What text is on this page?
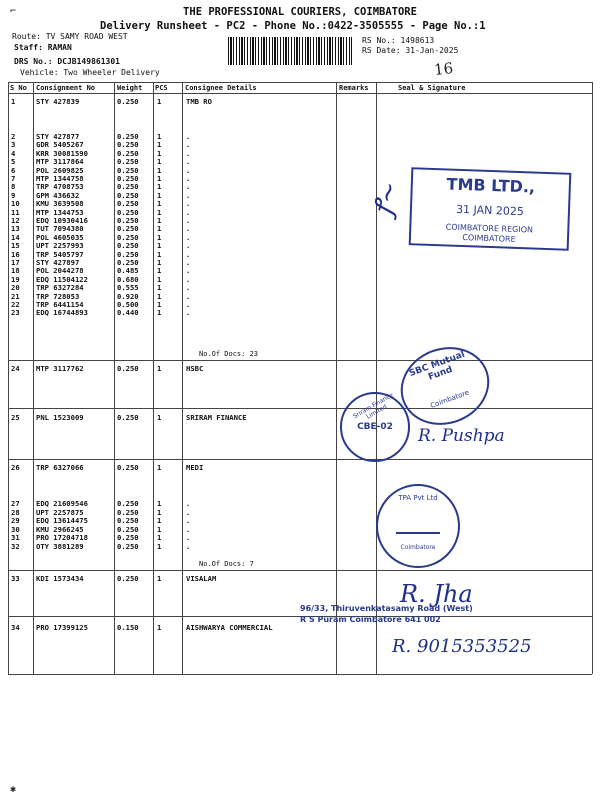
THE PROFESSIONAL COURIERS, COIMBATORE
Delivery Runsheet - PC2 - Phone No.:0422-3505555 - Page No.:1
Route: TV SAMY ROAD WEST
Staff: RAMAN
DRS No.: DCJB149861301
Vehicle: Two Wheeler Delivery
RS No.: 1498613
RS Date: 31-Jan-2025
16
S No Consignment No	Weight PCS Consignee Details	Remarks	Seal & Signature
1	STY 427839	0.250	1	TMB RO
2	STY 427877	0.250	1	.
3	GDR 5405267	0.250	1	.
4	KRR 30081590	0.250	1	.
5	MTP 3117864	0.250	1	.
6	POL 2609825	0.250	1	.
7	MTP 1344758	0.250	1	.
8	TRP 4708753	0.250	1	.
9	GPM 436632	0.250	1	.
10 KMU 3639508	0.250	1	.
11 MTP 1344753	0.250	1	.
12 EDQ 10930416	0.250	1	.
13 TUT 7094380	0.250	1	.
14 POL 4605035	0.250	1	.
15 UPT 2257993	0.250	1	.
16 TRP 5405797	0.250	1	.
17 STY 427897	0.250	1	.
18 POL 2044278	0.485	1	.
19 EDQ 11504122	0.680	1	.
20 TRP 6327284	0.555	1	.
21 TRP 728053	0.920	1	.
22 TRP 6441154	0.500	1	.
23 EDQ 16744893	0.440	1	.
No.Of Docs: 23
24 MTP 3117762	0.250	1	HSBC
25 PNL 1523009	0.250	1	SRIRAM FINANCE
26 TRP 6327066	0.250	1	MEDI
27 EDQ 21609546	0.250	1	.
28 UPT 2257875	0.250	1	.
29 EDQ 13614475	0.250	1	.
30 KMU 2966245	0.250	1	.
31 PRO 17204718	0.250	1	.
32 OTY 3881289	0.250	1	.
No.Of Docs: 7
33 KDI 1573434	0.250	1	VISALAM
34 PRO 17399125	0.150	1	AISHWARYA COMMERCIAL
TMB LTD.,
31 JAN 2025
COIMBATORE REGION
COIMBATORE
ꝭ~
SBC Mutual Fund
Coimbatore
Sriram Finance Limited
CBE-02	R. Pushpa
TPA Pvt Ltd
Coimbatore
R. Jha
96/33, Thiruvenkatasamy Road (West)
R S Puram Coimbatore 641 002
R. 9015353525
⌐
✱
